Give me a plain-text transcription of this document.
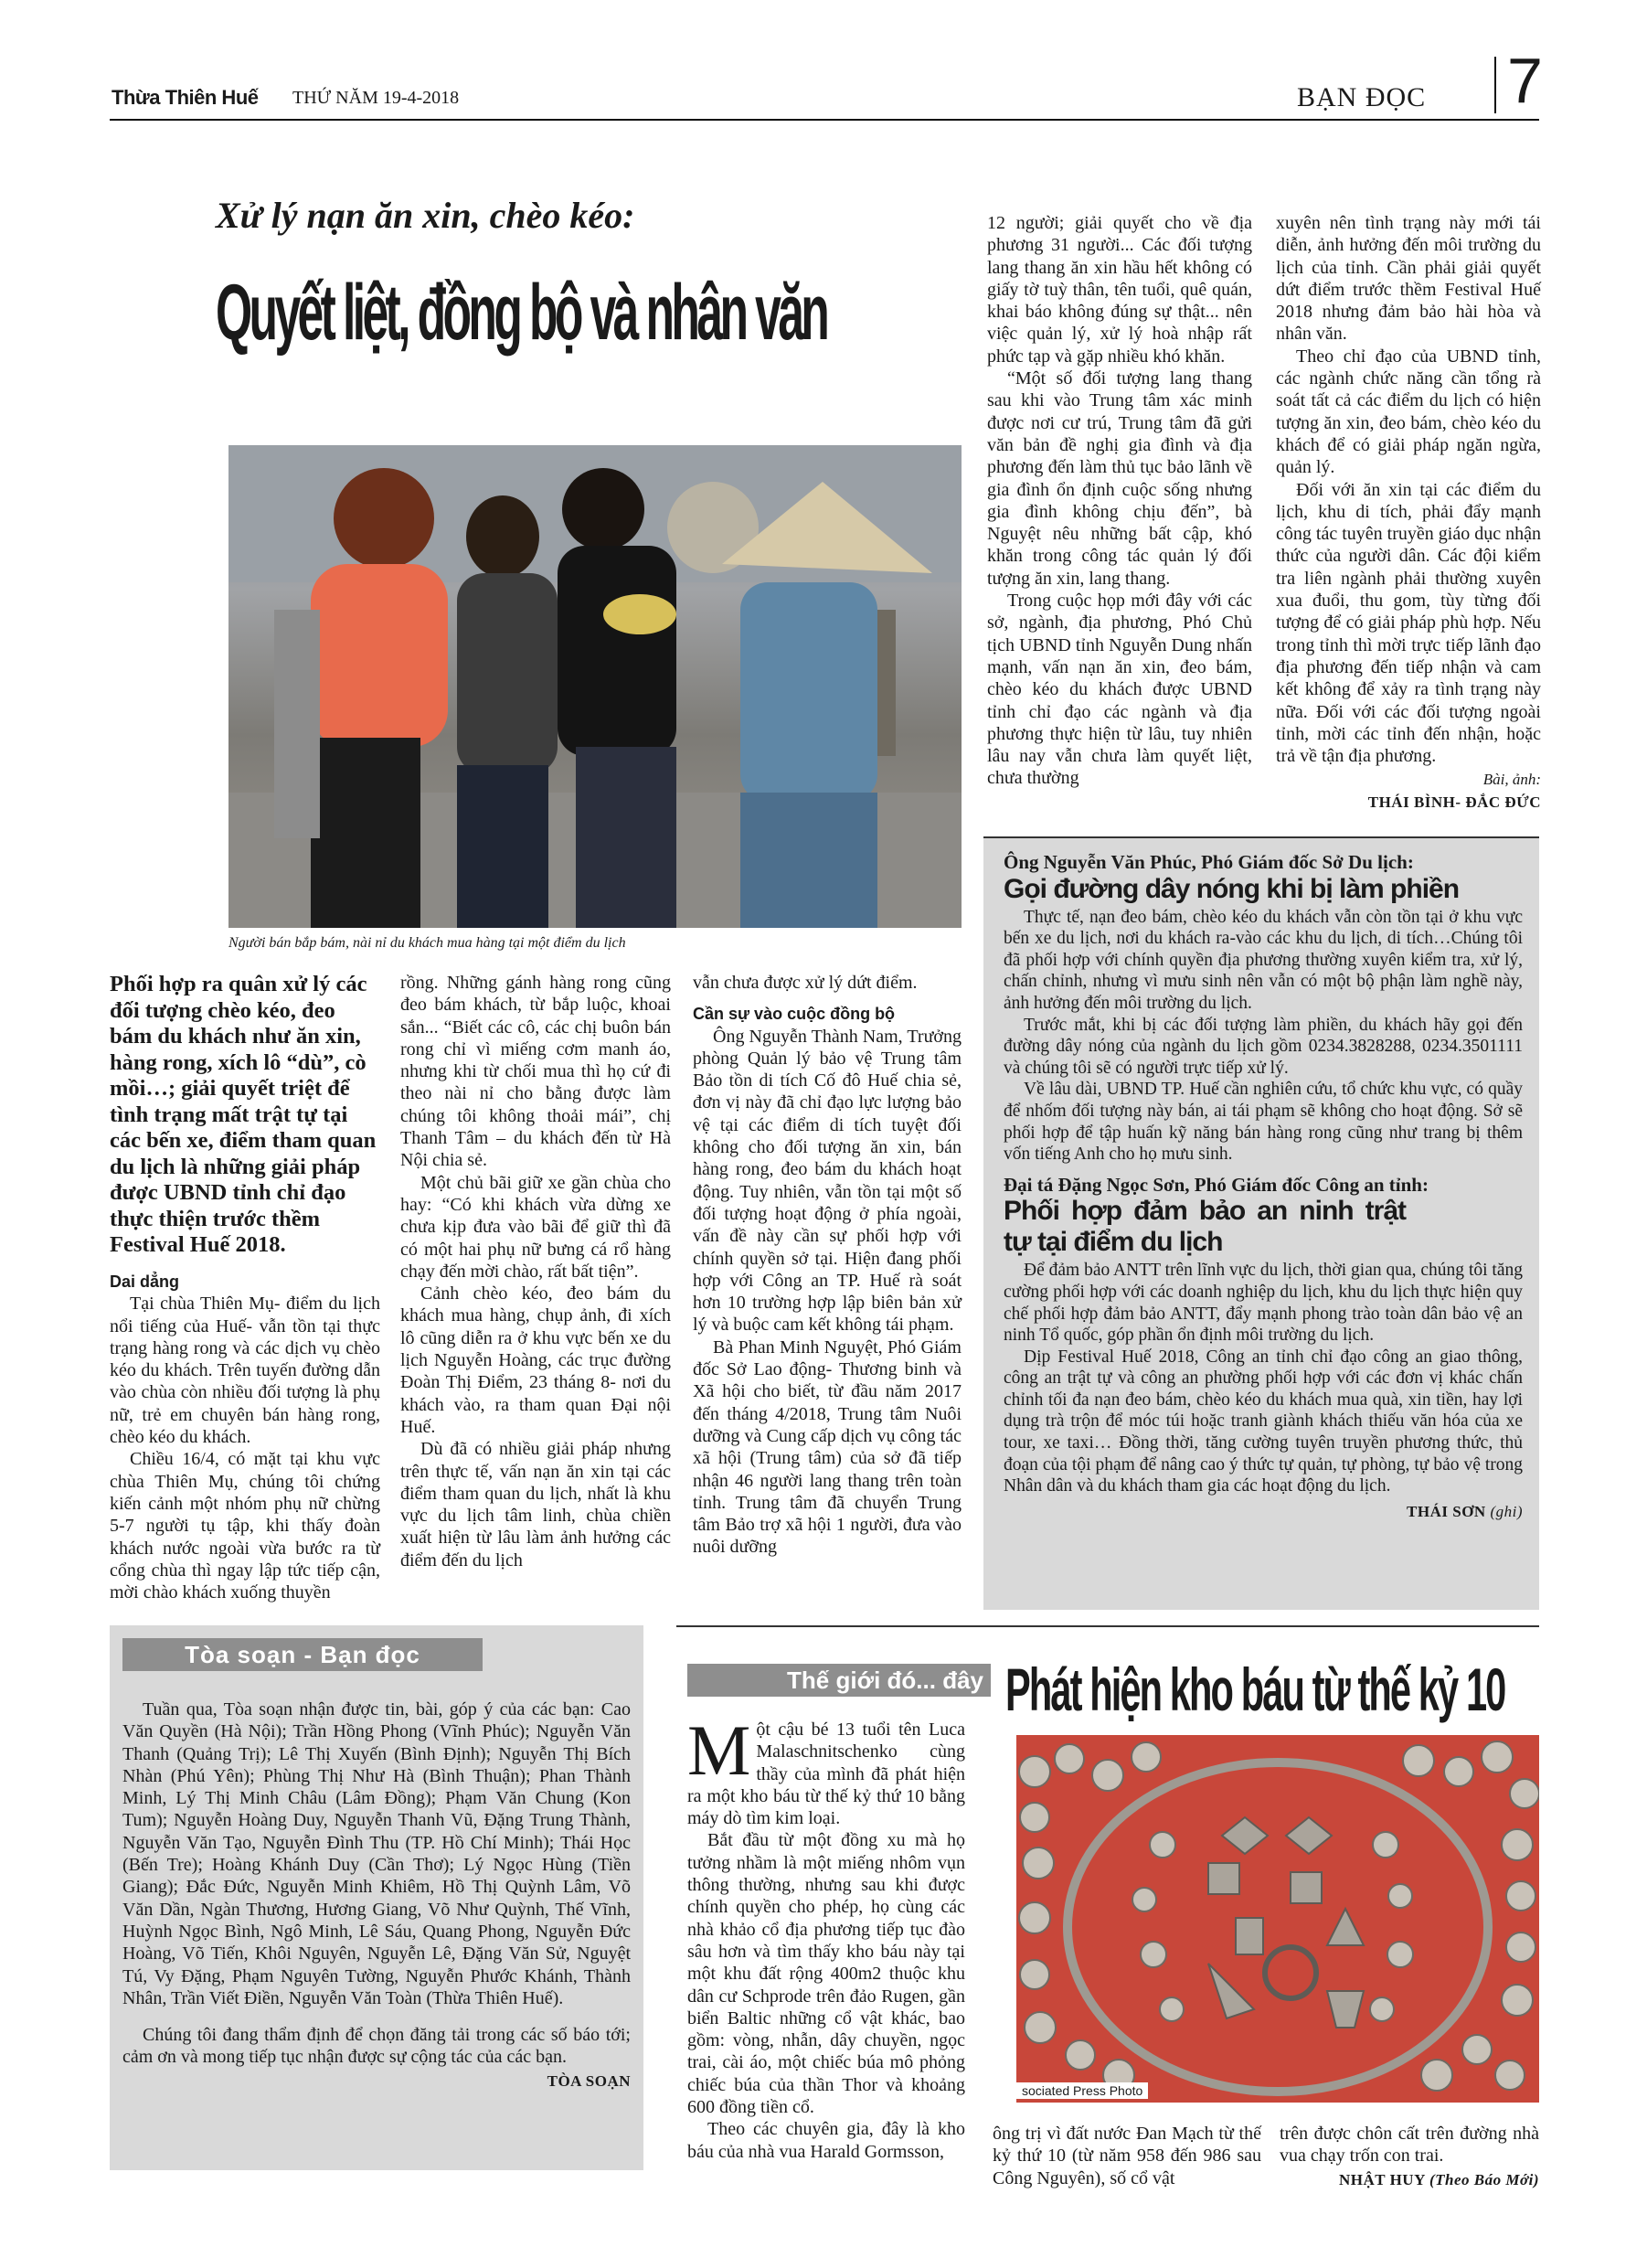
Thừa Thiên Huế THỨ NĂM 19-4-2018	BẠN ĐỌC 7
Xử lý nạn ăn xin, chèo kéo:
Quyết liệt, đồng bộ và nhân văn
Người bán bắp bám, nài nỉ du khách mua hàng tại một điểm du lịch
Phối hợp ra quân xử lý các đối tượng chèo kéo, đeo bám du khách như ăn xin, hàng rong, xích lô “dù”, cò mồi…; giải quyết triệt để tình trạng mất trật tự tại các bến xe, điểm tham quan du lịch là những giải pháp được UBND tỉnh chỉ đạo thực thiện trước thềm Festival Huế 2018.

Dai dẳng

Tại chùa Thiên Mụ- điểm du lịch nổi tiếng của Huế- vẫn tồn tại thực trạng hàng rong và các dịch vụ chèo kéo du khách. Trên tuyến đường dẫn vào chùa còn nhiều đối tượng là phụ nữ, trẻ em chuyên bán hàng rong, chèo kéo du khách.

Chiều 16/4, có mặt tại khu vực chùa Thiên Mụ, chúng tôi chứng kiến cảnh một nhóm phụ nữ chừng 5-7 người tụ tập, khi thấy đoàn khách nước ngoài vừa bước ra từ cổng chùa thì ngay lập tức tiếp cận, mời chào khách xuống thuyền

rồng. Những gánh hàng rong cũng đeo bám khách, từ bắp luộc, khoai sắn... “Biết các cô, các chị buôn bán rong chỉ vì miếng cơm manh áo, nhưng khi từ chối mua thì họ cứ đi theo nài nỉ cho bằng được làm chúng tôi không thoải mái”, chị Thanh Tâm – du khách đến từ Hà Nội chia sẻ.

Một chủ bãi giữ xe gần chùa cho hay: “Có khi khách vừa dừng xe chưa kịp đưa vào bãi để giữ thì đã có một hai phụ nữ bưng cá rổ hàng chạy đến mời chào, rất bất tiện”.

Cảnh chèo kéo, đeo bám du khách mua hàng, chụp ảnh, đi xích lô cũng diễn ra ở khu vực bến xe du lịch Nguyễn Hoàng, các trục đường Đoàn Thị Điểm, 23 tháng 8- nơi du khách vào, ra tham quan Đại nội Huế.

Dù đã có nhiều giải pháp nhưng trên thực tế, vấn nạn ăn xin tại các điểm tham quan du lịch, nhất là khu vực du lịch tâm linh, chùa chiền xuất hiện từ lâu làm ảnh hưởng các điểm đến du lịch

vẫn chưa được xử lý dứt điểm.

Cần sự vào cuộc đồng bộ

Ông Nguyễn Thành Nam, Trưởng phòng Quản lý bảo vệ Trung tâm Bảo tồn di tích Cố đô Huế chia sẻ, đơn vị này đã chỉ đạo lực lượng bảo vệ tại các điểm di tích tuyệt đối không cho đối tượng ăn xin, bán hàng rong, đeo bám du khách hoạt động. Tuy nhiên, vẫn tồn tại một số đối tượng hoạt động ở phía ngoài, vấn đề này cần sự phối hợp với chính quyền sở tại. Hiện đang phối hợp với Công an TP. Huế rà soát hơn 10 trường hợp lập biên bản xử lý và buộc cam kết không tái phạm.

Bà Phan Minh Nguyệt, Phó Giám đốc Sở Lao động- Thương binh và Xã hội cho biết, từ đầu năm 2017 đến tháng 4/2018, Trung tâm Nuôi dưỡng và Cung cấp dịch vụ công tác xã hội (Trung tâm) của sở đã tiếp nhận 46 người lang thang trên toàn tỉnh. Trung tâm đã chuyển Trung tâm Bảo trợ xã hội 1 người, đưa vào nuôi dưỡng

12 người; giải quyết cho về địa phương 31 người... Các đối tượng lang thang ăn xin hầu hết không có giấy tờ tuỳ thân, tên tuổi, quê quán, khai báo không đúng sự thật... nên việc quản lý, xử lý hoà nhập rất phức tạp và gặp nhiều khó khăn.

“Một số đối tượng lang thang sau khi vào Trung tâm xác minh được nơi cư trú, Trung tâm đã gửi văn bản đề nghị gia đình và địa phương đến làm thủ tục bảo lãnh về gia đình ổn định cuộc sống nhưng gia đình không chịu đến”, bà Nguyệt nêu những bất cập, khó khăn trong công tác quản lý đối tượng ăn xin, lang thang.

Trong cuộc họp mới đây với các sở, ngành, địa phương, Phó Chủ tịch UBND tỉnh Nguyễn Dung nhấn mạnh, vấn nạn ăn xin, đeo bám, chèo kéo du khách được UBND tỉnh chỉ đạo các ngành và địa phương thực hiện từ lâu, tuy nhiên lâu nay vẫn chưa làm quyết liệt, chưa thường

xuyên nên tình trạng này mới tái diễn, ảnh hưởng đến môi trường du lịch của tỉnh. Cần phải giải quyết dứt điểm trước thềm Festival Huế 2018 nhưng đảm bảo hài hòa và nhân văn.

Theo chỉ đạo của UBND tỉnh, các ngành chức năng cần tổng rà soát tất cả các điểm du lịch có hiện tượng ăn xin, đeo bám, chèo kéo du khách để có giải pháp ngăn ngừa, quản lý.

Đối với ăn xin tại các điểm du lịch, khu di tích, phải đẩy mạnh công tác tuyên truyền giáo dục nhận thức của người dân. Các đội kiểm tra liên ngành phải thường xuyên xua đuổi, thu gom, tùy từng đối tượng để có giải pháp phù hợp. Nếu trong tỉnh thì mời trực tiếp lãnh đạo địa phương đến tiếp nhận và cam kết không để xảy ra tình trạng này nữa. Đối với các đối tượng ngoài tỉnh, mời các tỉnh đến nhận, hoặc trả về tận địa phương.

Bài, ảnh:
THÁI BÌNH- ĐẮC ĐỨC
Ông Nguyễn Văn Phúc, Phó Giám đốc Sở Du lịch:
Gọi đường dây nóng khi bị làm phiền

Thực tế, nạn đeo bám, chèo kéo du khách vẫn còn tồn tại ở khu vực bến xe du lịch, nơi du khách ra-vào các khu du lịch, di tích…Chúng tôi đã phối hợp với chính quyền địa phương thường xuyên kiểm tra, xử lý, chấn chỉnh, nhưng vì mưu sinh nên vẫn có một bộ phận làm nghề này, ảnh hưởng đến môi trường du lịch.

Trước mắt, khi bị các đối tượng làm phiền, du khách hãy gọi đến đường dây nóng của ngành du lịch gồm 0234.3828288, 0234.3501111 và chúng tôi sẽ có người trực tiếp xử lý.

Về lâu dài, UBND TP. Huế cần nghiên cứu, tổ chức khu vực, có quầy để nhốm đối tượng này bán, ai tái phạm sẽ không cho hoạt động. Sở sẽ phối hợp để tập huấn kỹ năng bán hàng rong cũng như trang bị thêm vốn tiếng Anh cho họ mưu sinh.

Đại tá Đặng Ngọc Sơn, Phó Giám đốc Công an tỉnh:
Phối hợp đảm bảo an ninh trật tự tại điểm du lịch

Để đảm bảo ANTT trên lĩnh vực du lịch, thời gian qua, chúng tôi tăng cường phối hợp với các doanh nghiệp du lịch, khu du lịch thực hiện quy chế phối hợp đảm bảo ANTT, đẩy mạnh phong trào toàn dân bảo vệ an ninh Tổ quốc, góp phần ổn định môi trường du lịch.

Dịp Festival Huế 2018, Công an tỉnh chỉ đạo công an giao thông, công an trật tự và công an phường phối hợp với các đơn vị khác chấn chỉnh tối đa nạn đeo bám, chèo kéo du khách mua quà, xin tiền, hay lợi dụng trà trộn để móc túi hoặc tranh giành khách thiếu văn hóa của xe tour, xe taxi… Đồng thời, tăng cường tuyên truyền phương thức, thủ đoạn của tội phạm để nâng cao ý thức tự quản, tự phòng, tự bảo vệ trong Nhân dân và du khách tham gia các hoạt động du lịch.

THÁI SƠN (ghi)
Tòa soạn - Bạn đọc

Tuần qua, Tòa soạn nhận được tin, bài, góp ý của các bạn: Cao Văn Quyền (Hà Nội); Trần Hồng Phong (Vĩnh Phúc); Nguyễn Văn Thanh (Quảng Trị); Lê Thị Xuyến (Bình Định); Nguyễn Thị Bích Nhàn (Phú Yên); Phùng Thị Như Hà (Bình Thuận); Phan Thành Minh, Lý Thị Minh Châu (Lâm Đồng); Phạm Văn Chung (Kon Tum); Nguyễn Hoàng Duy, Nguyễn Thanh Vũ, Đặng Trung Thành, Nguyễn Văn Tạo, Nguyễn Đình Thu (TP. Hồ Chí Minh); Thái Học (Bến Tre); Hoàng Khánh Duy (Cần Thơ); Lý Ngọc Hùng (Tiền Giang); Đắc Đức, Nguyễn Minh Khiêm, Hồ Thị Quỳnh Lâm, Võ Văn Dần, Ngàn Thương, Hương Giang, Võ Như Quỳnh, Thế Vĩnh, Huỳnh Ngọc Bình, Ngô Minh, Lê Sáu, Quang Phong, Nguyễn Đức Hoàng, Võ Tiến, Khôi Nguyên, Nguyễn Lê, Đặng Văn Sử, Nguyệt Tú, Vy Đặng, Phạm Nguyên Tường, Nguyễn Phước Khánh, Thành Nhân, Trần Viết Điền, Nguyễn Văn Toàn (Thừa Thiên Huế).

Chúng tôi đang thẩm định để chọn đăng tải trong các số báo tới; cảm ơn và mong tiếp tục nhận được sự cộng tác của các bạn.

TÒA SOẠN
Thế giới đó... đây Phát hiện kho báu từ thế kỷ 10

Một cậu bé 13 tuổi tên Luca Malaschnitschenko cùng thầy của mình đã phát hiện ra một kho báu từ thế kỷ thứ 10 bằng máy dò tìm kim loại.

Bắt đầu từ một đồng xu mà họ tưởng nhầm là một miếng nhôm vụn thông thường, nhưng sau khi được chính quyền cho phép, họ cùng các nhà khảo cổ địa phương tiếp tục đào sâu hơn và tìm thấy kho báu này tại một khu đất rộng 400m2 thuộc khu dân cư Schprode trên đảo Rugen, gần biển Baltic những cổ vật khác, bao gồm: vòng, nhẫn, dây chuyền, ngọc trai, cài áo, một chiếc búa mô phỏng chiếc búa của thần Thor và khoảng 600 đồng tiền cổ.

Theo các chuyên gia, đây là kho báu của nhà vua Harald Gormsson,

sociated Press Photo

ông trị vì đất nước Đan Mạch từ thế kỷ thứ 10 (từ năm 958 đến 986 sau Công Nguyên), số cổ vật

trên được chôn cất trên đường nhà vua chạy trốn con trai.

NHẬT HUY (Theo Báo Mới)
